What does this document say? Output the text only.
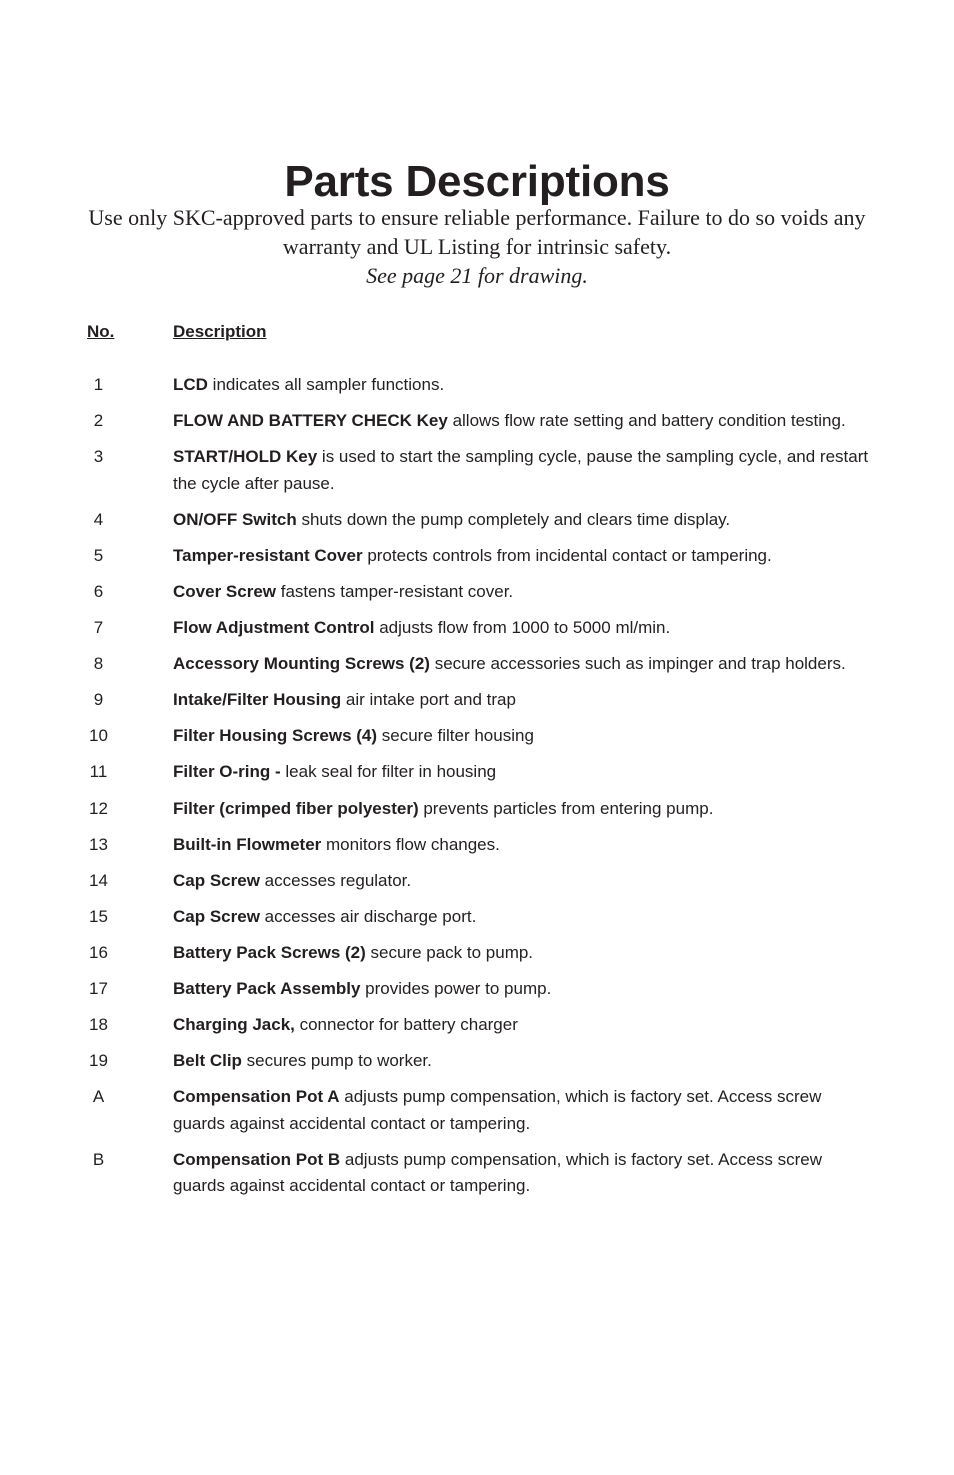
Parts Descriptions
Use only SKC-approved parts to ensure reliable performance. Failure to do so voids any warranty and UL Listing for intrinsic safety.
See page 21 for drawing.
No.	Description
1	LCD indicates all sampler functions.
2	FLOW AND BATTERY CHECK Key allows flow rate setting and battery condition testing.
3	START/HOLD Key is used to start the sampling cycle, pause the sampling cycle, and restart the cycle after pause.
4	ON/OFF Switch shuts down the pump completely and clears time display.
5	Tamper-resistant Cover protects controls from incidental contact or tampering.
6	Cover Screw fastens tamper-resistant cover.
7	Flow Adjustment Control adjusts flow from 1000 to 5000 ml/min.
8	Accessory Mounting Screws (2) secure accessories such as impinger and trap holders.
9	Intake/Filter Housing air intake port and trap
10	Filter Housing Screws (4) secure filter housing
11	Filter O-ring - leak seal for filter in housing
12	Filter (crimped fiber polyester) prevents particles from entering pump.
13	Built-in Flowmeter monitors flow changes.
14	Cap Screw accesses regulator.
15	Cap Screw accesses air discharge port.
16	Battery Pack Screws (2) secure pack to pump.
17	Battery Pack Assembly provides power to pump.
18	Charging Jack, connector for battery charger
19	Belt Clip secures pump to worker.
A	Compensation Pot A adjusts pump compensation, which is factory set. Access screw guards against accidental contact or tampering.
B	Compensation Pot B adjusts pump compensation, which is factory set. Access screw guards against accidental contact or tampering.
